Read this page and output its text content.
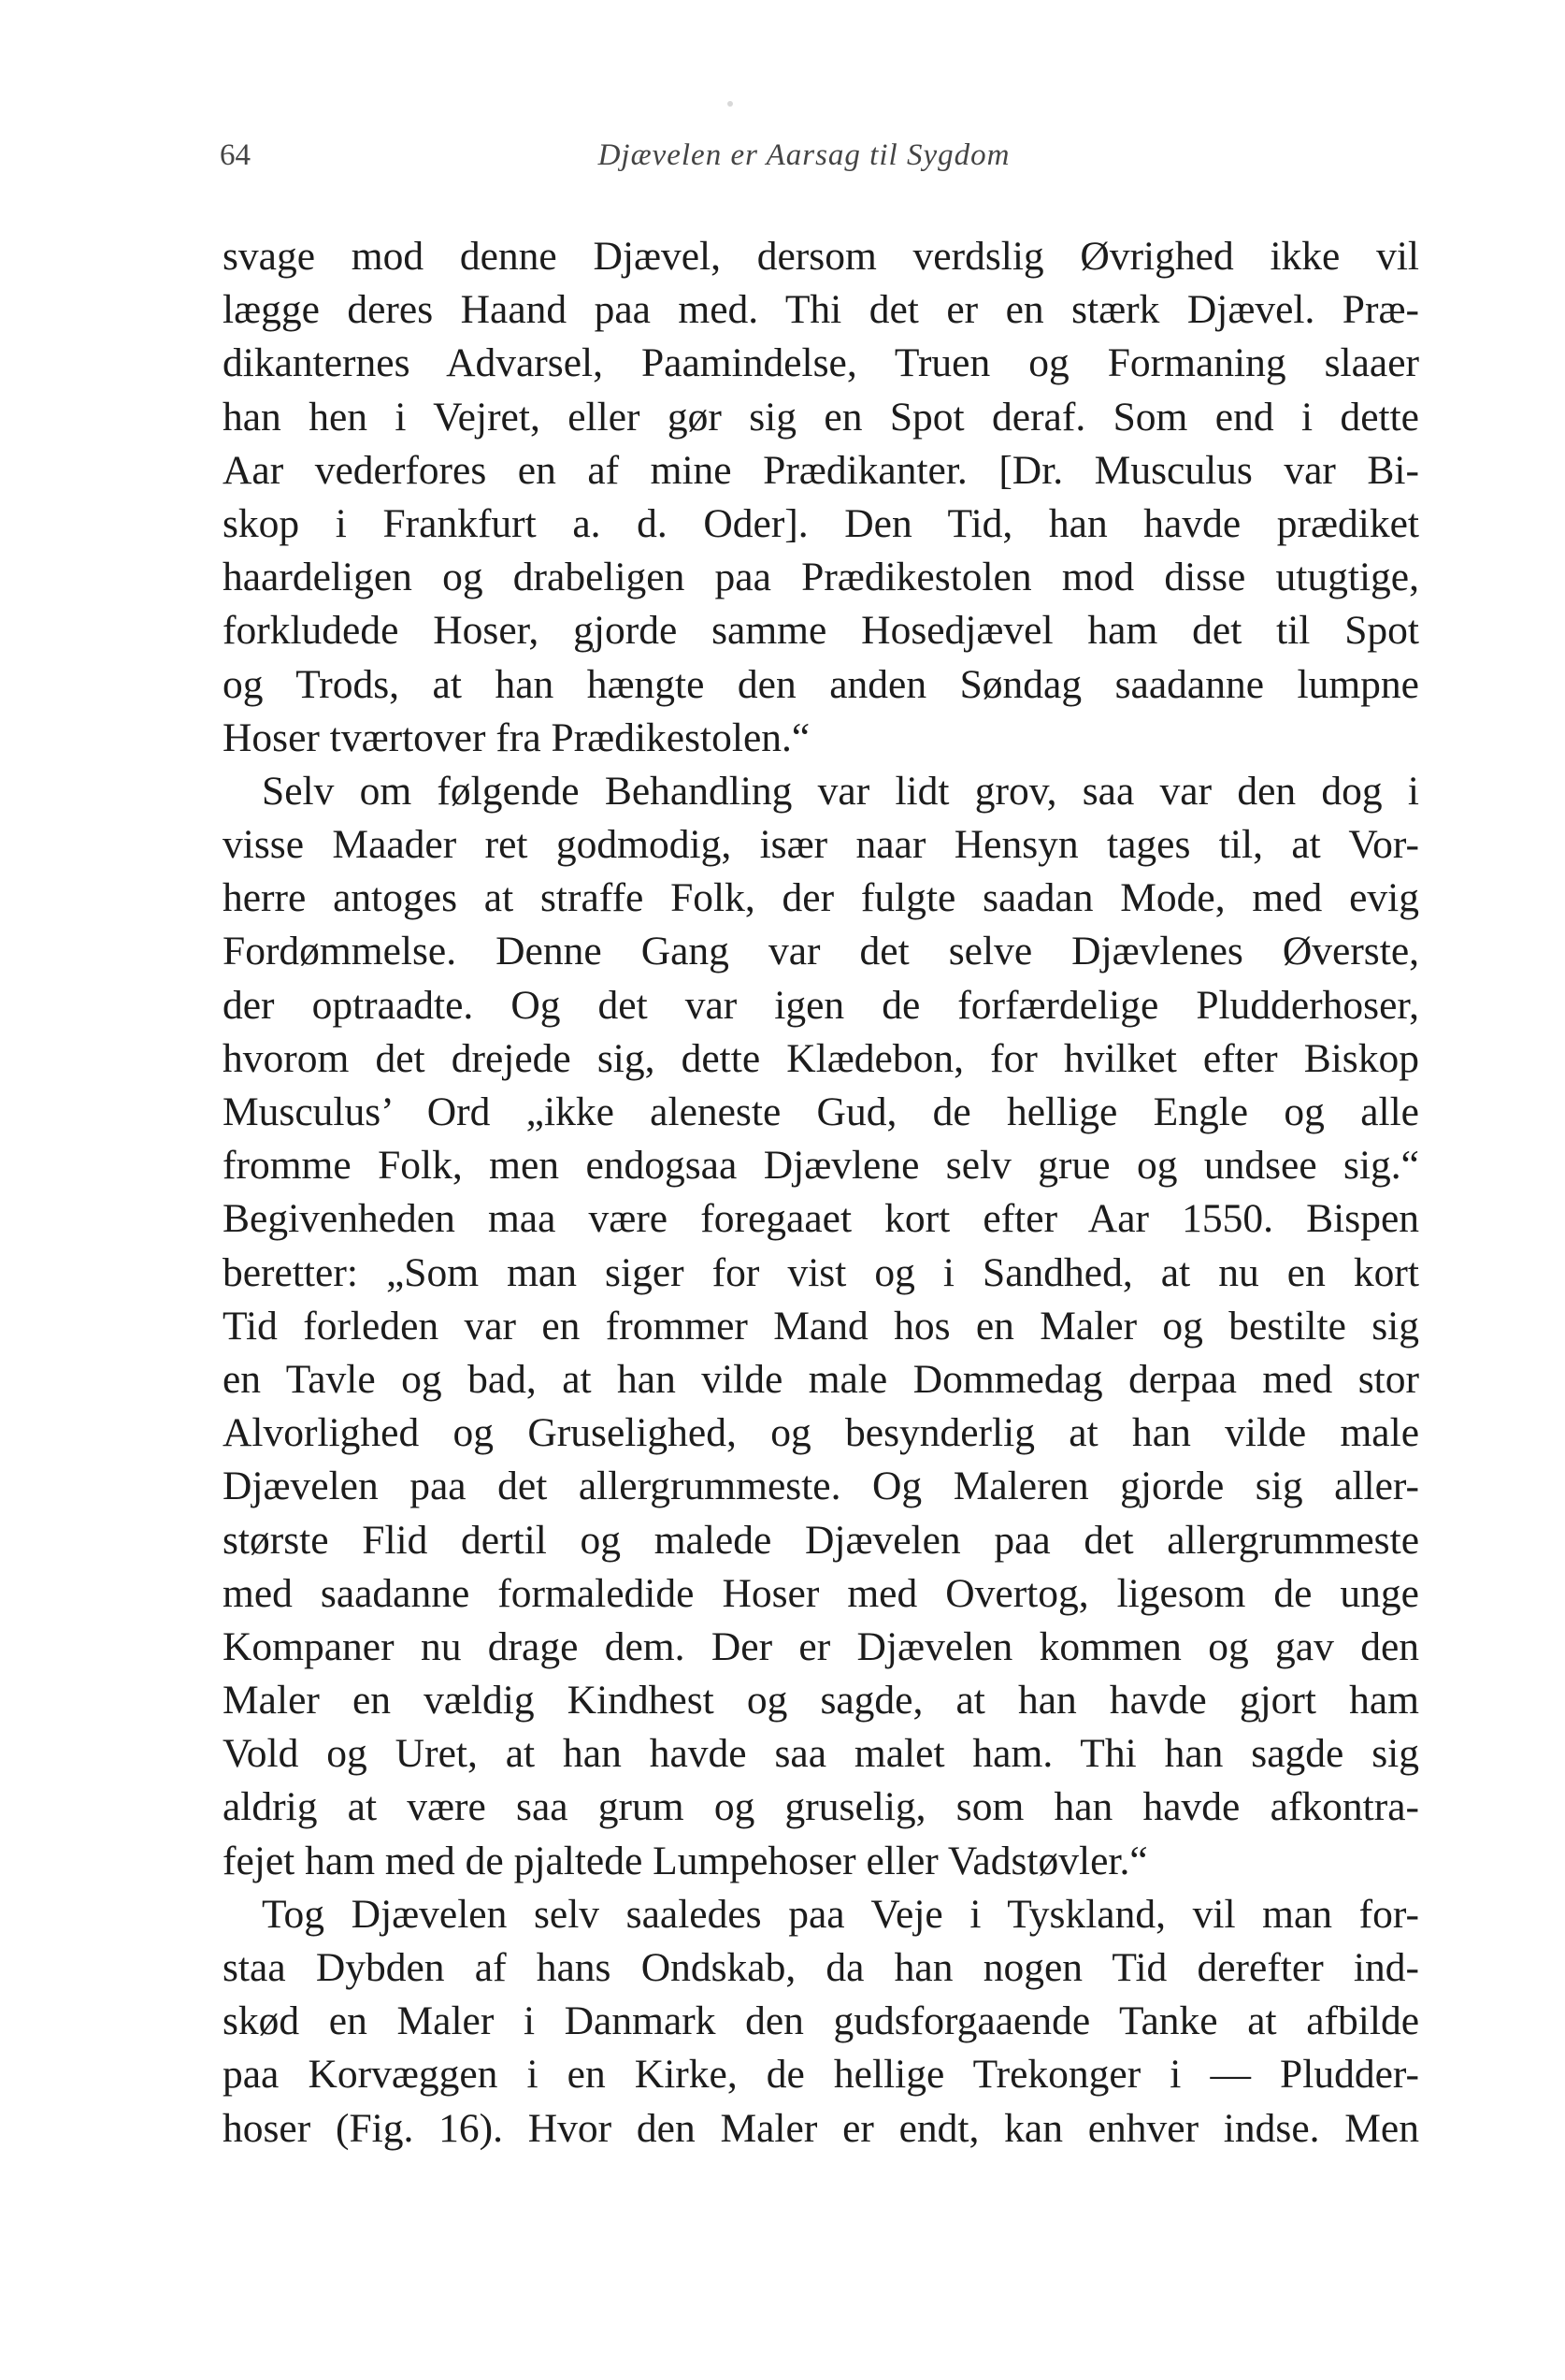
64	Djævelen er Aarsag til Sygdom
svage mod denne Djævel, dersom verdslig Øvrighed ikke vil
lægge deres Haand paa med. Thi det er en stærk Djævel. Præ-
dikanternes Advarsel, Paamindelse, Truen og Formaning slaaer
han hen i Vejret, eller gør sig en Spot deraf. Som end i dette
Aar vederfores en af mine Prædikanter. [Dr. Musculus var Bi-
skop i Frankfurt a. d. Oder]. Den Tid, han havde prædiket
haardeligen og drabeligen paa Prædikestolen mod disse utugtige,
forkludede Hoser, gjorde samme Hosedjævel ham det til Spot
og Trods, at han hængte den anden Søndag saadanne lumpne
Hoser tværtover fra Prædikestolen.“
Selv om følgende Behandling var lidt grov, saa var den dog i
visse Maader ret godmodig, især naar Hensyn tages til, at Vor-
herre antoges at straffe Folk, der fulgte saadan Mode, med evig
Fordømmelse. Denne Gang var det selve Djævlenes Øverste,
der optraadte. Og det var igen de forfærdelige Pludderhoser,
hvorom det drejede sig, dette Klædebon, for hvilket efter Biskop
Musculus’ Ord „ikke aleneste Gud, de hellige Engle og alle
fromme Folk, men endogsaa Djævlene selv grue og undsee sig.“
Begivenheden maa være foregaaet kort efter Aar 1550. Bispen
beretter: „Som man siger for vist og i Sandhed, at nu en kort
Tid forleden var en frommer Mand hos en Maler og bestilte sig
en Tavle og bad, at han vilde male Dommedag derpaa med stor
Alvorlighed og Gruselighed, og besynderlig at han vilde male
Djævelen paa det allergrummeste. Og Maleren gjorde sig aller-
største Flid dertil og malede Djævelen paa det allergrummeste
med saadanne formaledide Hoser med Overtog, ligesom de unge
Kompaner nu drage dem. Der er Djævelen kommen og gav den
Maler en vældig Kindhest og sagde, at han havde gjort ham
Vold og Uret, at han havde saa malet ham. Thi han sagde sig
aldrig at være saa grum og gruselig, som han havde afkontra-
fejet ham med de pjaltede Lumpehoser eller Vadstøvler.“
Tog Djævelen selv saaledes paa Veje i Tyskland, vil man for-
staa Dybden af hans Ondskab, da han nogen Tid derefter ind-
skød en Maler i Danmark den gudsforgaaende Tanke at afbilde
paa Korvæggen i en Kirke, de hellige Trekonger i — Pludder-
hoser (Fig. 16). Hvor den Maler er endt, kan enhver indse. Men
